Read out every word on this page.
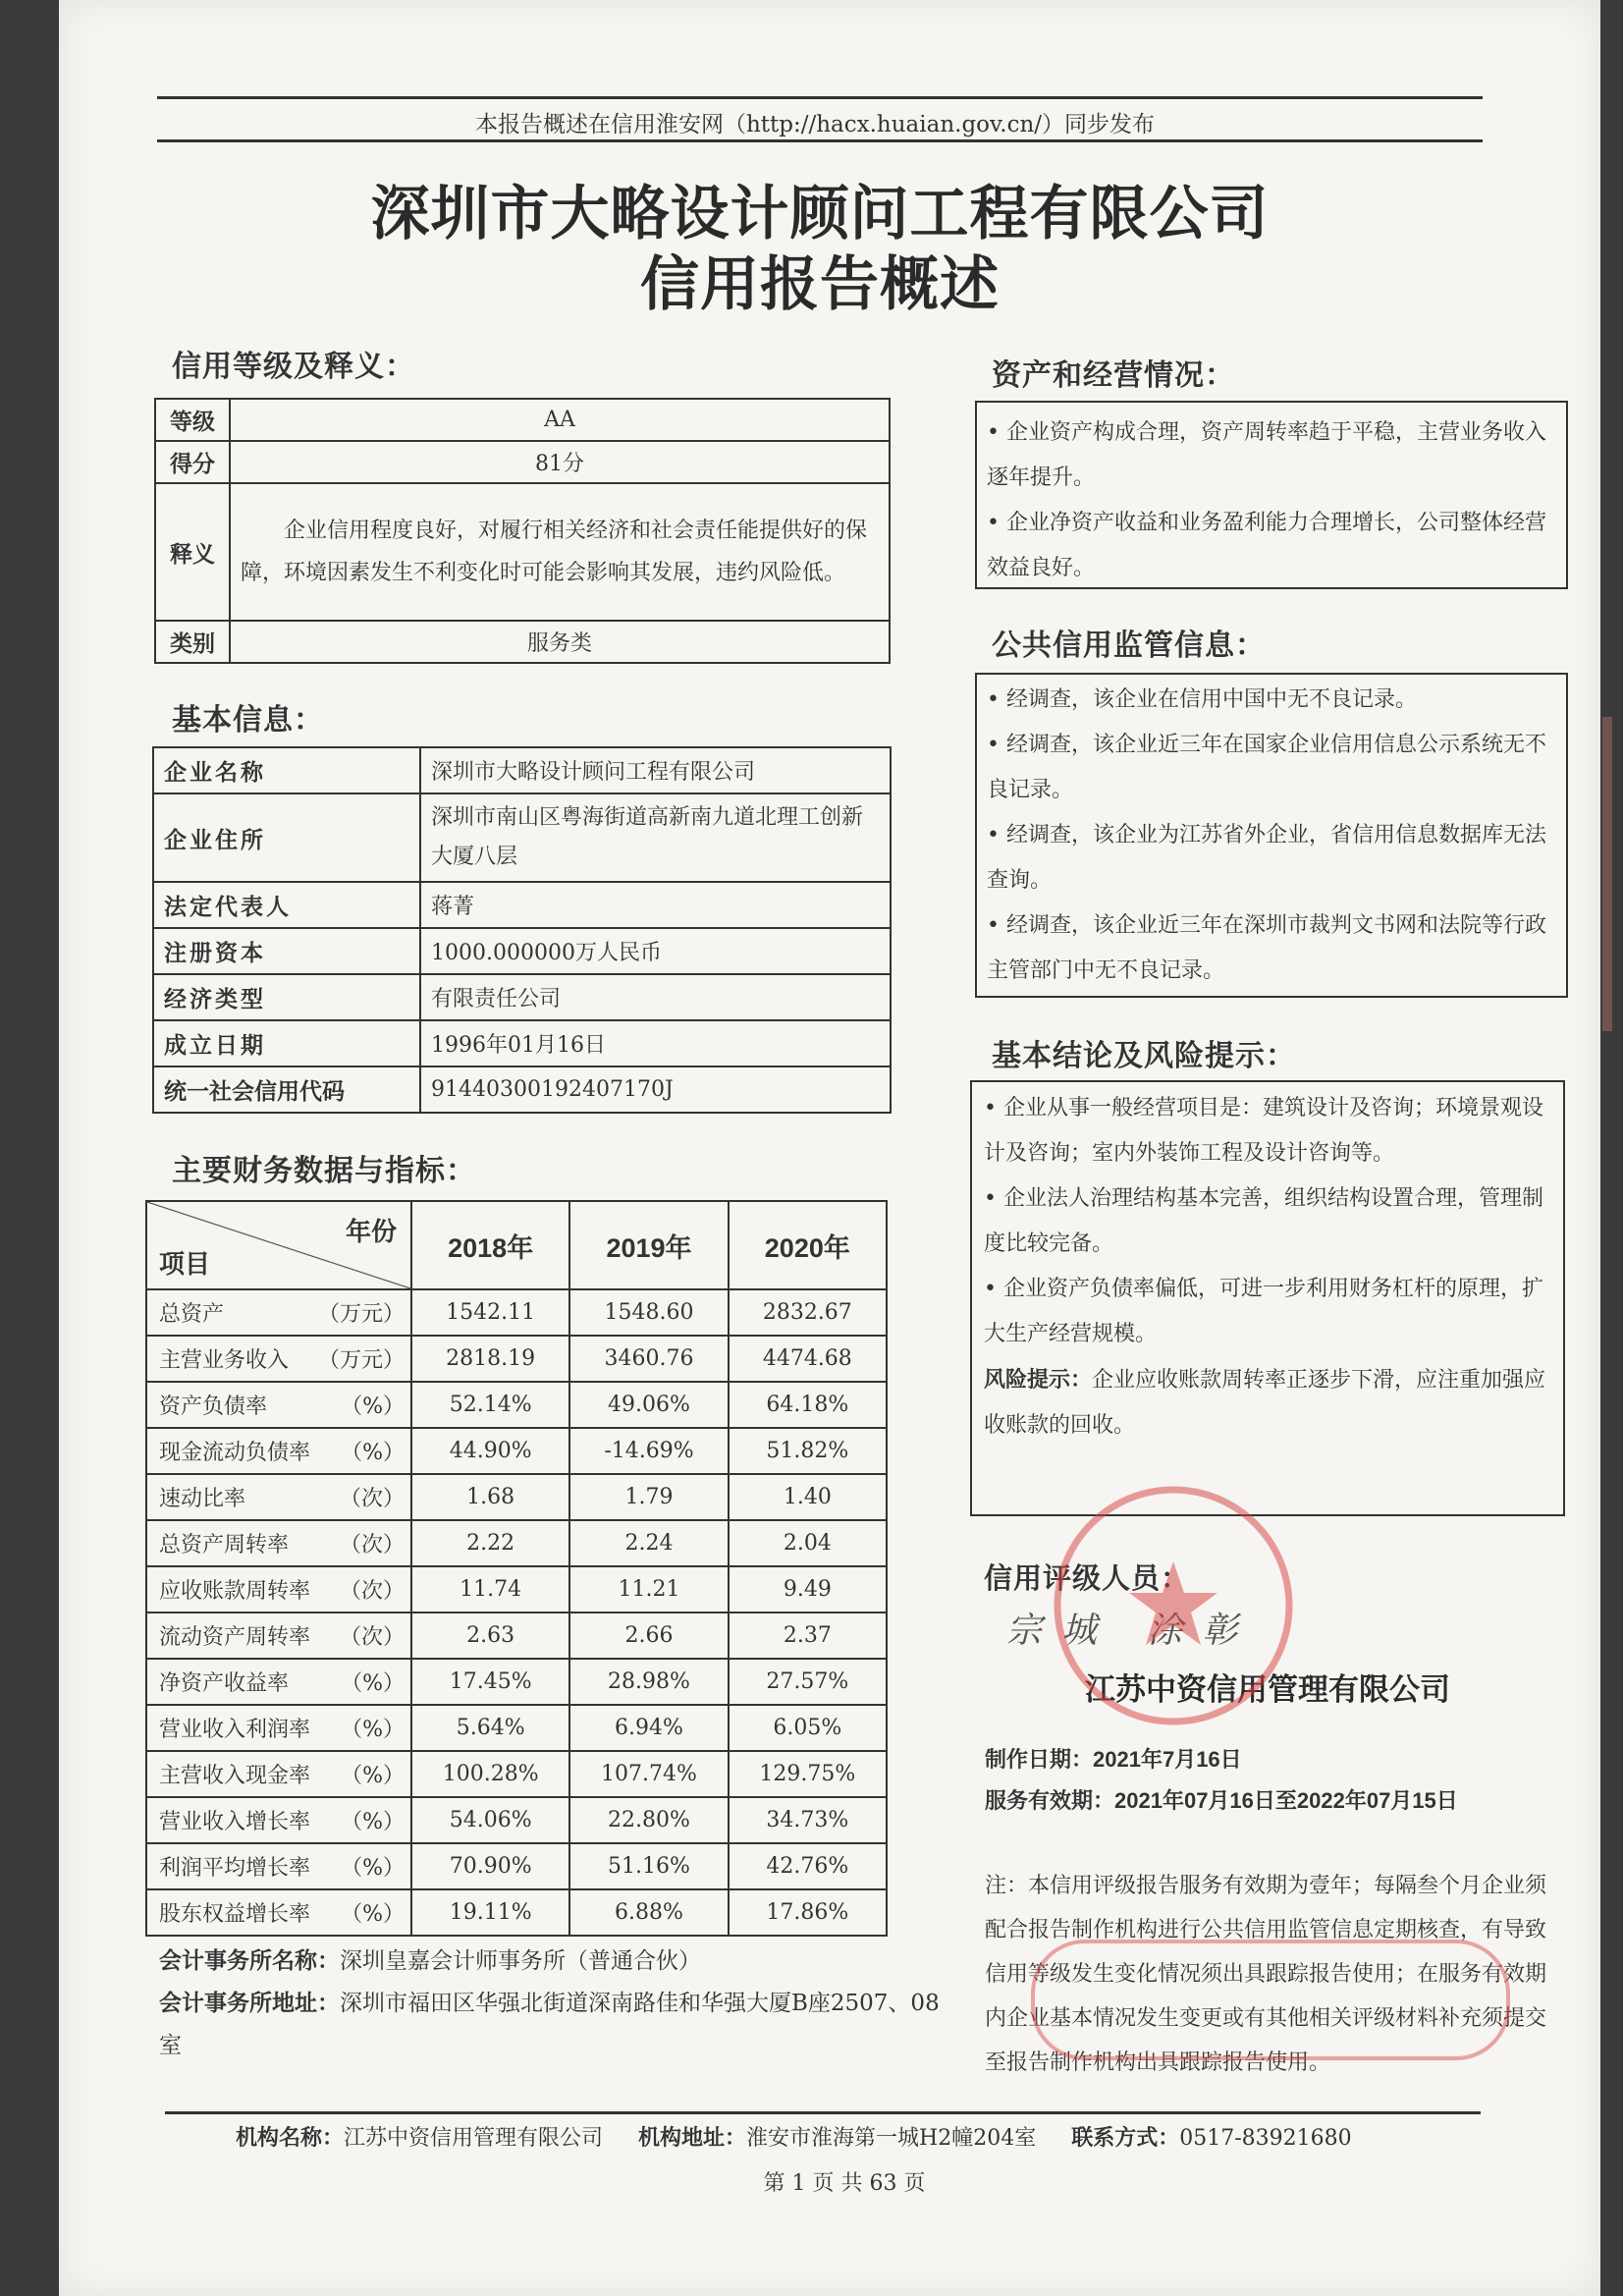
本报告概述在信用淮安网（http://hacx.huaian.gov.cn/）同步发布
深圳市大略设计顾问工程有限公司
信用报告概述
信用等级及释义：
等级	AA
得分	81分
释义	企业信用程度良好，对履行相关经济和社会责任能提供好的保障，环境因素发生不利变化时可能会影响其发展，违约风险低。
类别	服务类
基本信息：
企业名称	深圳市大略设计顾问工程有限公司
企业住所	深圳市南山区粤海街道高新南九道北理工创新大厦八层
法定代表人	蒋菁
注册资本	1000.000000万人民币
经济类型	有限责任公司
成立日期	1996年01月16日
统一社会信用代码	91440300192407170J
主要财务数据与指标：
年份
项目	2018年	2019年	2020年
总资产 （万元）	1542.11	1548.60	2832.67
主营业务收入 （万元）	2818.19	3460.76	4474.68
资产负债率 （%）	52.14%	49.06%	64.18%
现金流动负债率 （%）	44.90%	-14.69%	51.82%
速动比率 （次）	1.68	1.79	1.40
总资产周转率 （次）	2.22	2.24	2.04
应收账款周转率 （次）	11.74	11.21	9.49
流动资产周转率 （次）	2.63	2.66	2.37
净资产收益率 （%）	17.45%	28.98%	27.57%
营业收入利润率 （%）	5.64%	6.94%	6.05%
主营收入现金率 （%）	100.28%	107.74%	129.75%
营业收入增长率 （%）	54.06%	22.80%	34.73%
利润平均增长率 （%）	70.90%	51.16%	42.76%
股东权益增长率 （%）	19.11%	6.88%	17.86%
会计事务所名称：深圳皇嘉会计师事务所（普通合伙）
会计事务所地址：深圳市福田区华强北街道深南路佳和华强大厦B座2507、08室
资产和经营情况：
• 企业资产构成合理，资产周转率趋于平稳，主营业务收入逐年提升。
• 企业净资产收益和业务盈利能力合理增长，公司整体经营效益良好。
公共信用监管信息：
• 经调查，该企业在信用中国中无不良记录。
• 经调查，该企业近三年在国家企业信用信息公示系统无不良记录。
• 经调查，该企业为江苏省外企业，省信用信息数据库无法查询。
• 经调查，该企业近三年在深圳市裁判文书网和法院等行政主管部门中无不良记录。
基本结论及风险提示：
• 企业从事一般经营项目是：建筑设计及咨询；环境景观设计及咨询；室内外装饰工程及设计咨询等。
• 企业法人治理结构基本完善，组织结构设置合理，管理制度比较完备。
• 企业资产负债率偏低，可进一步利用财务杠杆的原理，扩大生产经营规模。
风险提示：企业应收账款周转率正逐步下滑，应注重加强应收账款的回收。
信用评级人员：
宗城 涂彰
江苏中资信用管理有限公司
制作日期：2021年7月16日
服务有效期：2021年07月16日至2022年07月15日
注：本信用评级报告服务有效期为壹年；每隔叁个月企业须配合报告制作机构进行公共信用监管信息定期核查，有导致信用等级发生变化情况须出具跟踪报告使用；在服务有效期内企业基本情况发生变更或有其他相关评级材料补充须提交至报告制作机构出具跟踪报告使用。
机构名称：江苏中资信用管理有限公司 机构地址：淮安市淮海第一城H2幢204室 联系方式：0517-83921680
第 1 页 共 63 页
